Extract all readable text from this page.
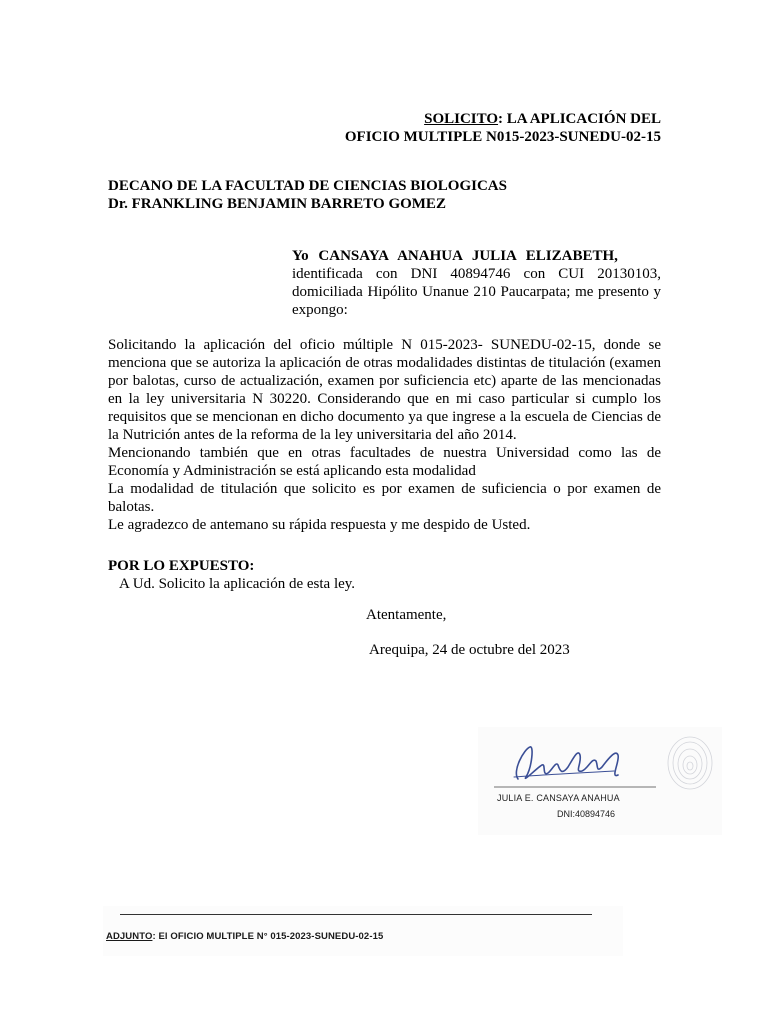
SOLICITO: LA APLICACIÓN DEL
OFICIO MULTIPLE N015-2023-SUNEDU-02-15
DECANO DE LA FACULTAD DE CIENCIAS BIOLOGICAS
Dr. FRANKLING BENJAMIN BARRETO GOMEZ
Yo CANSAYA ANAHUA JULIA ELIZABETH,
identificada con DNI 40894746 con CUI 20130103, domiciliada Hipólito Unanue 210 Paucarpata; me presento y expongo:

Solicitando la aplicación del oficio múltiple N 015-2023- SUNEDU-02-15, donde se menciona que se autoriza la aplicación de otras modalidades distintas de titulación (examen por balotas, curso de actualización, examen por suficiencia etc) aparte de las mencionadas en la ley universitaria N 30220. Considerando que en mi caso particular si cumplo los requisitos que se mencionan en dicho documento ya que ingrese a la escuela de Ciencias de la Nutrición antes de la reforma de la ley universitaria del año 2014.

Mencionando también que en otras facultades de nuestra Universidad como las de Economía y Administración se está aplicando esta modalidad

La modalidad de titulación que solicito es por examen de suficiencia o por examen de balotas.

Le agradezco de antemano su rápida respuesta y me despido de Usted.

POR LO EXPUESTO:
A Ud. Solicito la aplicación de esta ley.
Atentamente,
Arequipa, 24 de octubre del 2023
JULIA E. CANSAYA ANAHUA
DNI:40894746
ADJUNTO: El OFICIO MULTIPLE N° 015-2023-SUNEDU-02-15
